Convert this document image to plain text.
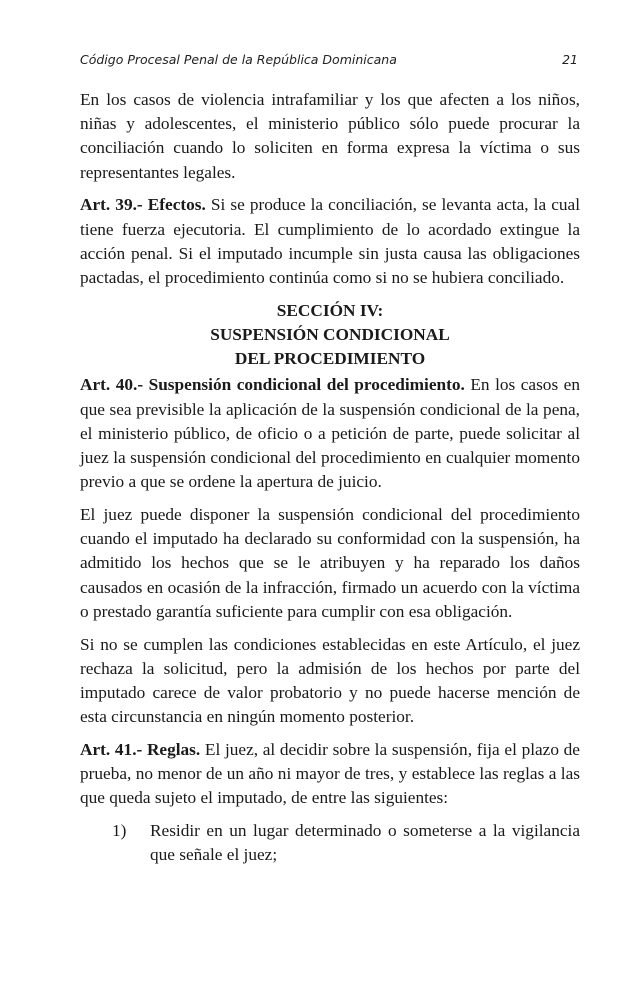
Código Procesal Penal de la República Dominicana	21

En los casos de violencia intrafamiliar y los que afecten a los niños, niñas y adolescentes, el ministerio público sólo puede procurar la conciliación cuando lo soliciten en forma expresa la víctima o sus representantes legales.

Art. 39.- Efectos. Si se produce la conciliación, se levanta acta, la cual tiene fuerza ejecutoria. El cumplimiento de lo acordado extingue la acción penal. Si el imputado incumple sin justa causa las obligaciones pactadas, el procedimiento continúa como si no se hubiera conciliado.

SECCIÓN IV:
SUSPENSIÓN CONDICIONAL
DEL PROCEDIMIENTO

Art. 40.- Suspensión condicional del procedimiento. En los casos en que sea previsible la aplicación de la suspensión condicional de la pena, el ministerio público, de oficio o a petición de parte, puede solicitar al juez la suspensión condicional del procedimiento en cualquier momento previo a que se ordene la apertura de juicio.

El juez puede disponer la suspensión condicional del procedimiento cuando el imputado ha declarado su conformidad con la suspensión, ha admitido los hechos que se le atribuyen y ha reparado los daños causados en ocasión de la infracción, firmado un acuerdo con la víctima o prestado garantía suficiente para cumplir con esa obligación.

Si no se cumplen las condiciones establecidas en este Artículo, el juez rechaza la solicitud, pero la admisión de los hechos por parte del imputado carece de valor probatorio y no puede hacerse mención de esta circunstancia en ningún momento posterior.

Art. 41.- Reglas. El juez, al decidir sobre la suspensión, fija el plazo de prueba, no menor de un año ni mayor de tres, y establece las reglas a las que queda sujeto el imputado, de entre las siguientes:

1)	Residir en un lugar determinado o someterse a la vigilancia que señale el juez;
